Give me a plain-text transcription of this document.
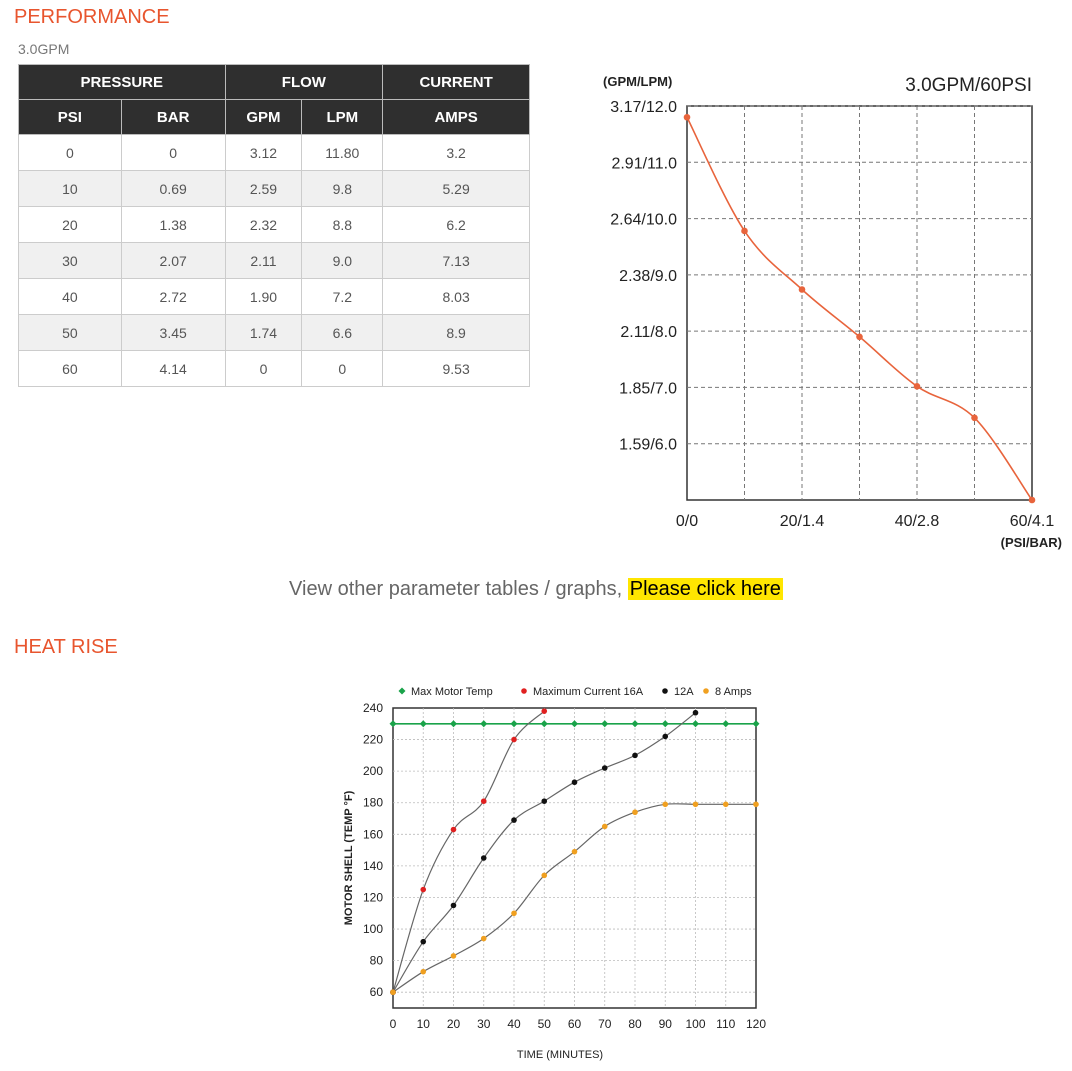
PERFORMANCE
3.0GPM
PRESSURE		FLOW		CURRENT
PSI	BAR	GPM	LPM	AMPS
0	0	3.12	11.80	3.2
10	0.69	2.59	9.8	5.29
20	1.38	2.32	8.8	6.2
30	2.07	2.11	9.0	7.13
40	2.72	1.90	7.2	8.03
50	3.45	1.74	6.6	8.9
60	4.14	0	0	9.53
1.59/6.0
1.85/7.0
2.11/8.0
2.38/9.0
2.64/10.0
2.91/11.0
3.17/12.0
0/0	20/1.4	40/2.8	60/4.1
3.0GPM/60PSI
(GPM/LPM)
(PSI/BAR)
View other parameter tables / graphs, Please click here
HEAT RISE
60
80
100
120
140
160
180
200
220
240
0 10 20 30 40 50 60 70 80 90 100 110 120
Max Motor Temp	Maximum Current 16A	12A 8 Amps
TIME (MINUTES)
MOTOR SHELL (TEMP °F)
